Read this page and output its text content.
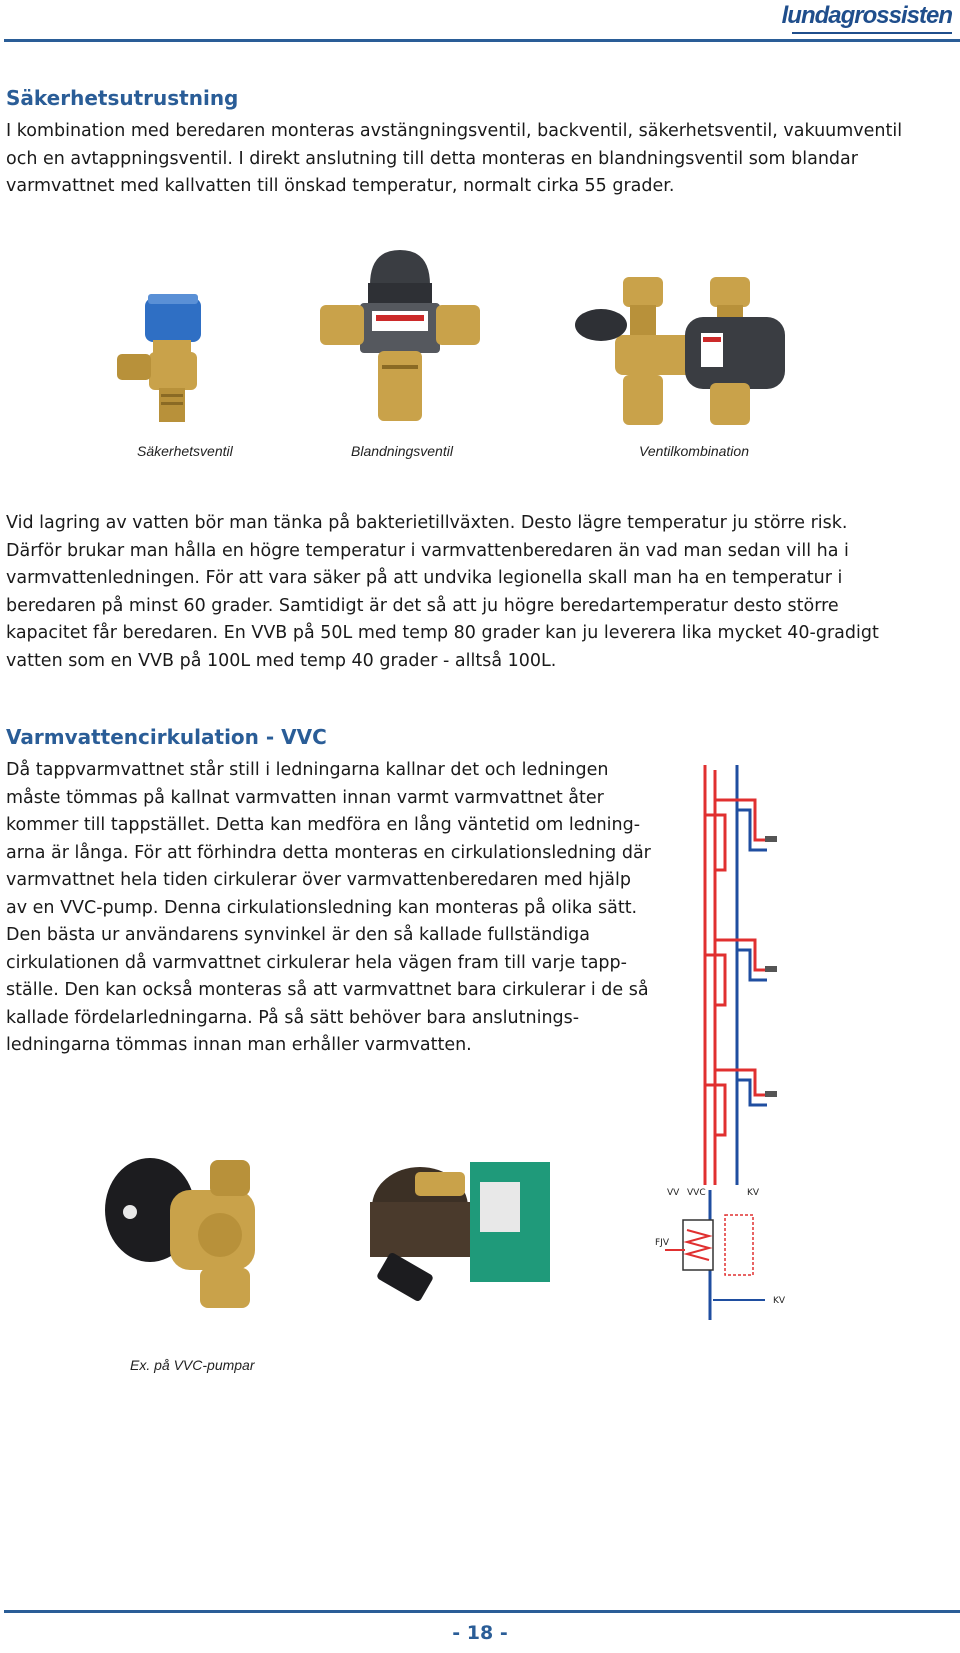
lundagrossisten
Säkerhetsutrustning

I kombination med beredaren monteras avstängningsventil, backventil, säkerhetsventil, vakuumventil och en avtappningsventil. I direkt anslutning till detta monteras en blandningsventil som blandar varmvattnet med kallvatten till önskad temperatur, normalt cirka 55 grader.

Säkerhetsventil	Blandningsventil	Ventilkombination

Vid lagring av vatten bör man tänka på bakterietillväxten. Desto lägre temperatur ju större risk. Därför brukar man hålla en högre temperatur i varmvattenberedaren än vad man sedan vill ha i varmvattenledningen. För att vara säker på att undvika legionella skall man ha en temperatur i beredaren på minst 60 grader. Samtidigt är det så att ju högre beredartemperatur desto större kapacitet får beredaren. En VVB på 50L med temp 80 grader kan ju leverera lika mycket 40-gradigt vatten som en VVB på 100L med temp 40 grader - alltså 100L.

Varmvattencirkulation - VVC

Då tappvarmvattnet står still i ledningarna kallnar det och ledningen måste tömmas på kallnat varmvatten innan varmt varmvattnet åter kommer till tappstället. Detta kan medföra en lång väntetid om ledning-arna är långa. För att förhindra detta monteras en cirkulationsledning där varmvattnet hela tiden cirkulerar över varmvattenberedaren med hjälp av en VVC-pump. Denna cirkulationsledning kan monteras på olika sätt. Den bästa ur användarens synvinkel är den så kallade fullständiga cirkulationen då varmvattnet cirkulerar hela vägen fram till varje tapp-ställe. Den kan också monteras så att varmvattnet bara cirkulerar i de så kallade fördelarledningarna. På så sätt behöver bara anslutnings-ledningarna tömmas innan man erhåller varmvatten.

VV VVC	KV
FJV
KV
Ex. på VVC-pumpar
- 18 -
